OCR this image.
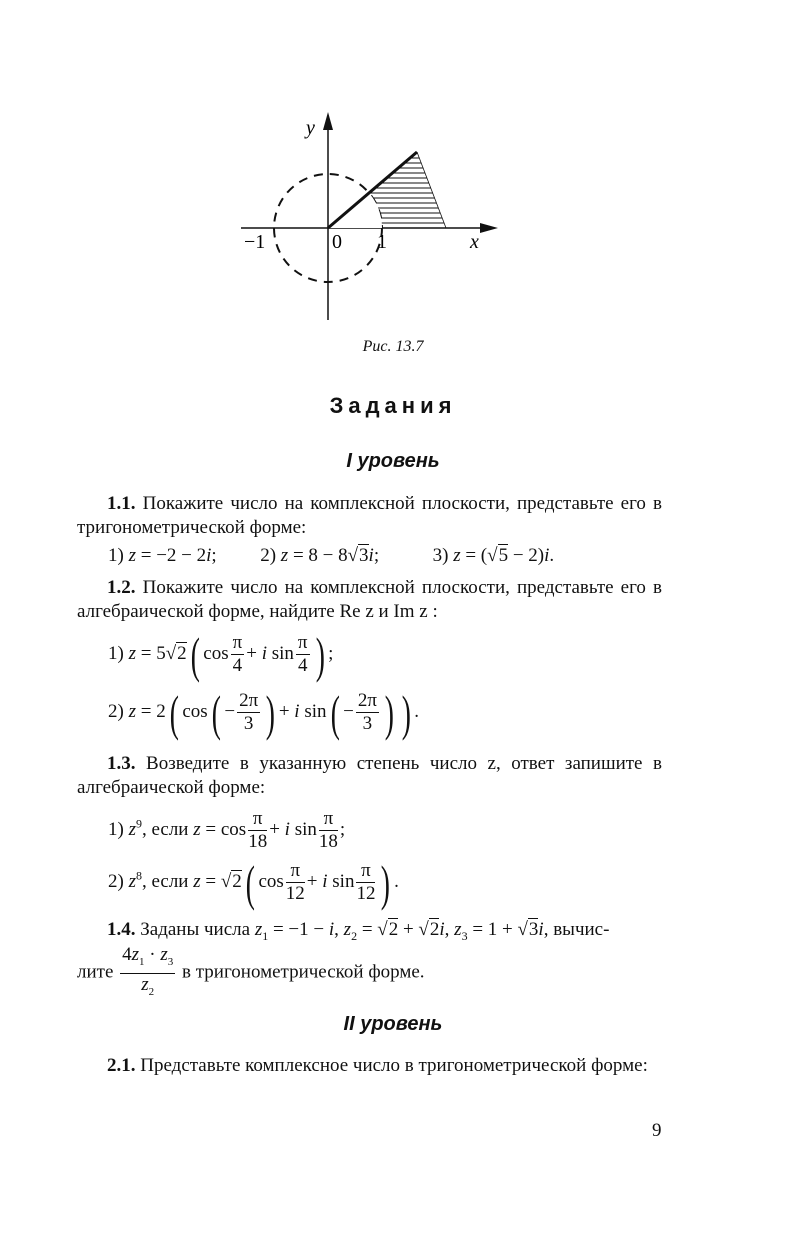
y
x
−1	0 1
Рис. 13.7
Задания
I уровень
1.1. Покажите число на комплексной плоскости, представьте его в тригонометрической форме:
1) z = −2 − 2i;  2) z = 8 − 8√3i;  3) z = (√5 − 2)i.
1.2. Покажите число на комплексной плоскости, представьте его в алгебраической форме, найдите Re z и Im z :
1) z = 5√2( $\cos \frac{\pi}{4} + i$ $\sin \frac{\pi}{4}$ ) ;
2) z = 2( $\cos( - \frac{2\pi}{3}$ ) + i $\sin( - \frac{2\pi}{3}$ ) ) .
1.3. Возведите в указанную степень число z, ответ запишите в алгебраической форме:
1) $z^9$, если $z = \cos \frac{\pi}{18} + i$ $\sin \frac{\pi}{18}$ ;
2) $z^8$, если z = √2( $\cos \frac{\pi}{12} + i$ $\sin \frac{\pi}{12}$ ) .
1.4. Заданы числа $z_1 = -1 - i$, $z_2 = √2 + √2i$, $z_3 = 1 + √3i$, вычис-
лите $\frac{4z_1 \cdot z_3}{\overline{z}_2}$ в тригонометрической форме.
II уровень
2.1. Представьте комплексное число в тригонометрической форме:
9
